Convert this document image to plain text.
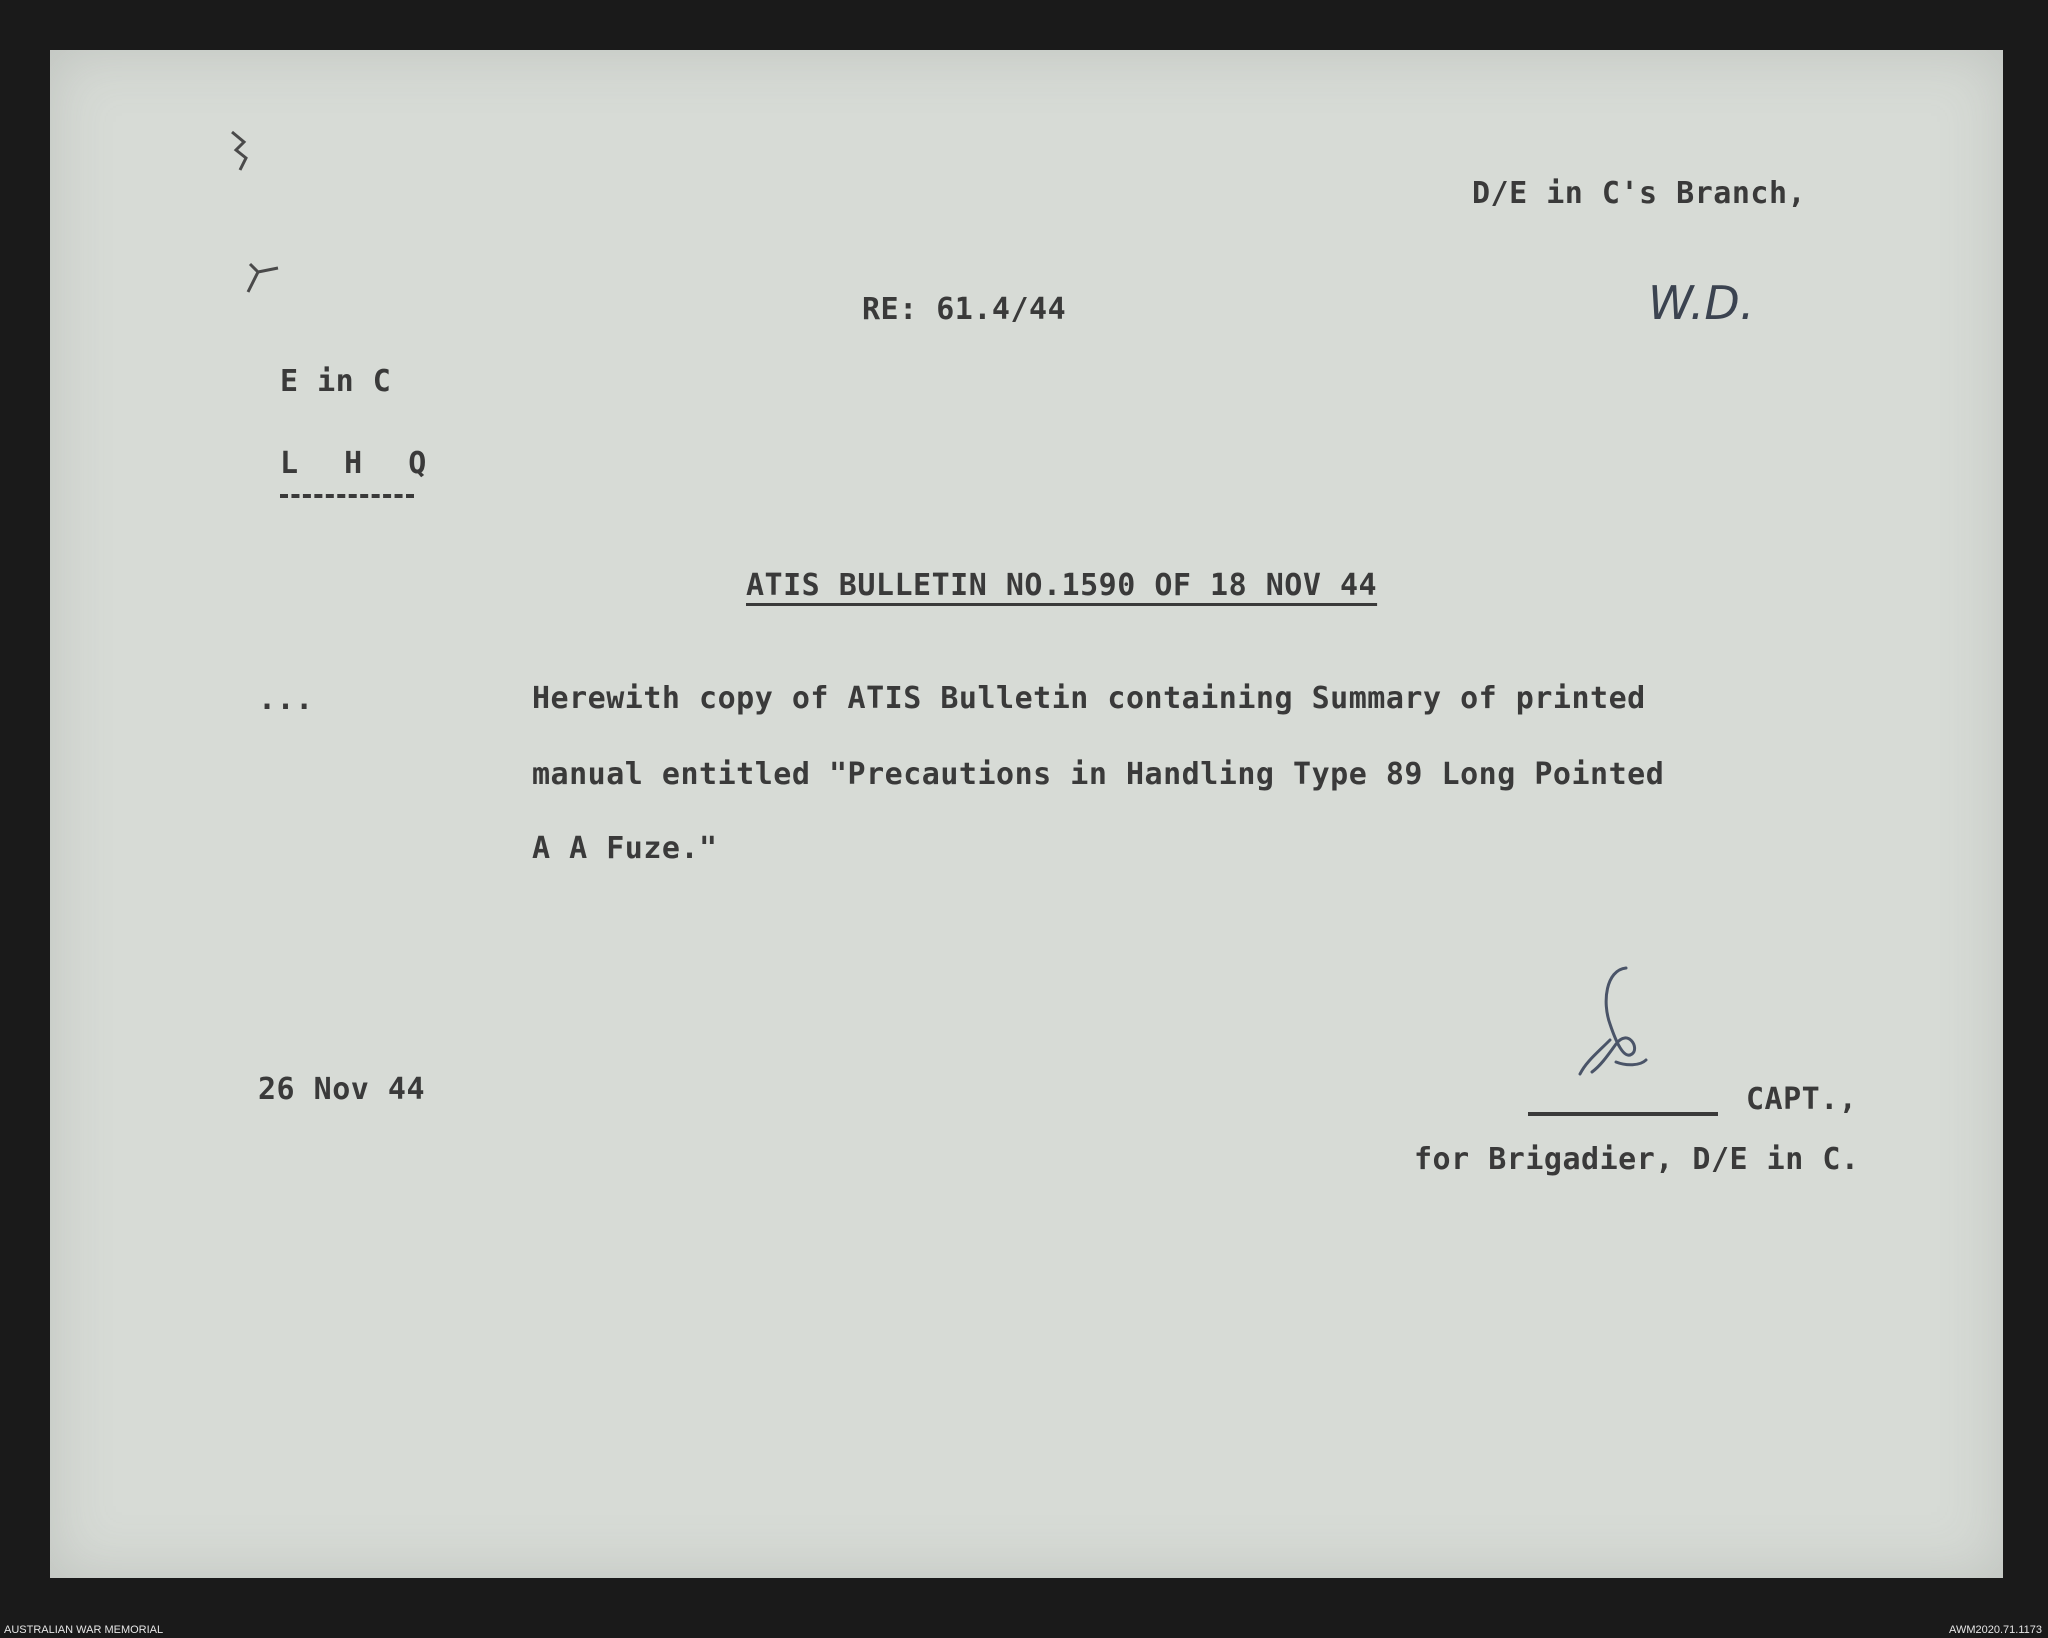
D/E in C's Branch,
W.D.
RE: 61.4/44
E in C
L H Q
ATIS BULLETIN NO.1590 OF 18 NOV 44
...	Herewith copy of ATIS Bulletin containing Summary of printed
manual entitled "Precautions in Handling Type 89 Long Pointed
A A Fuze."
26 Nov 44	CAPT.,
for Brigadier, D/E in C.
AUSTRALIAN WAR MEMORIAL	AWM2020.71.1173
